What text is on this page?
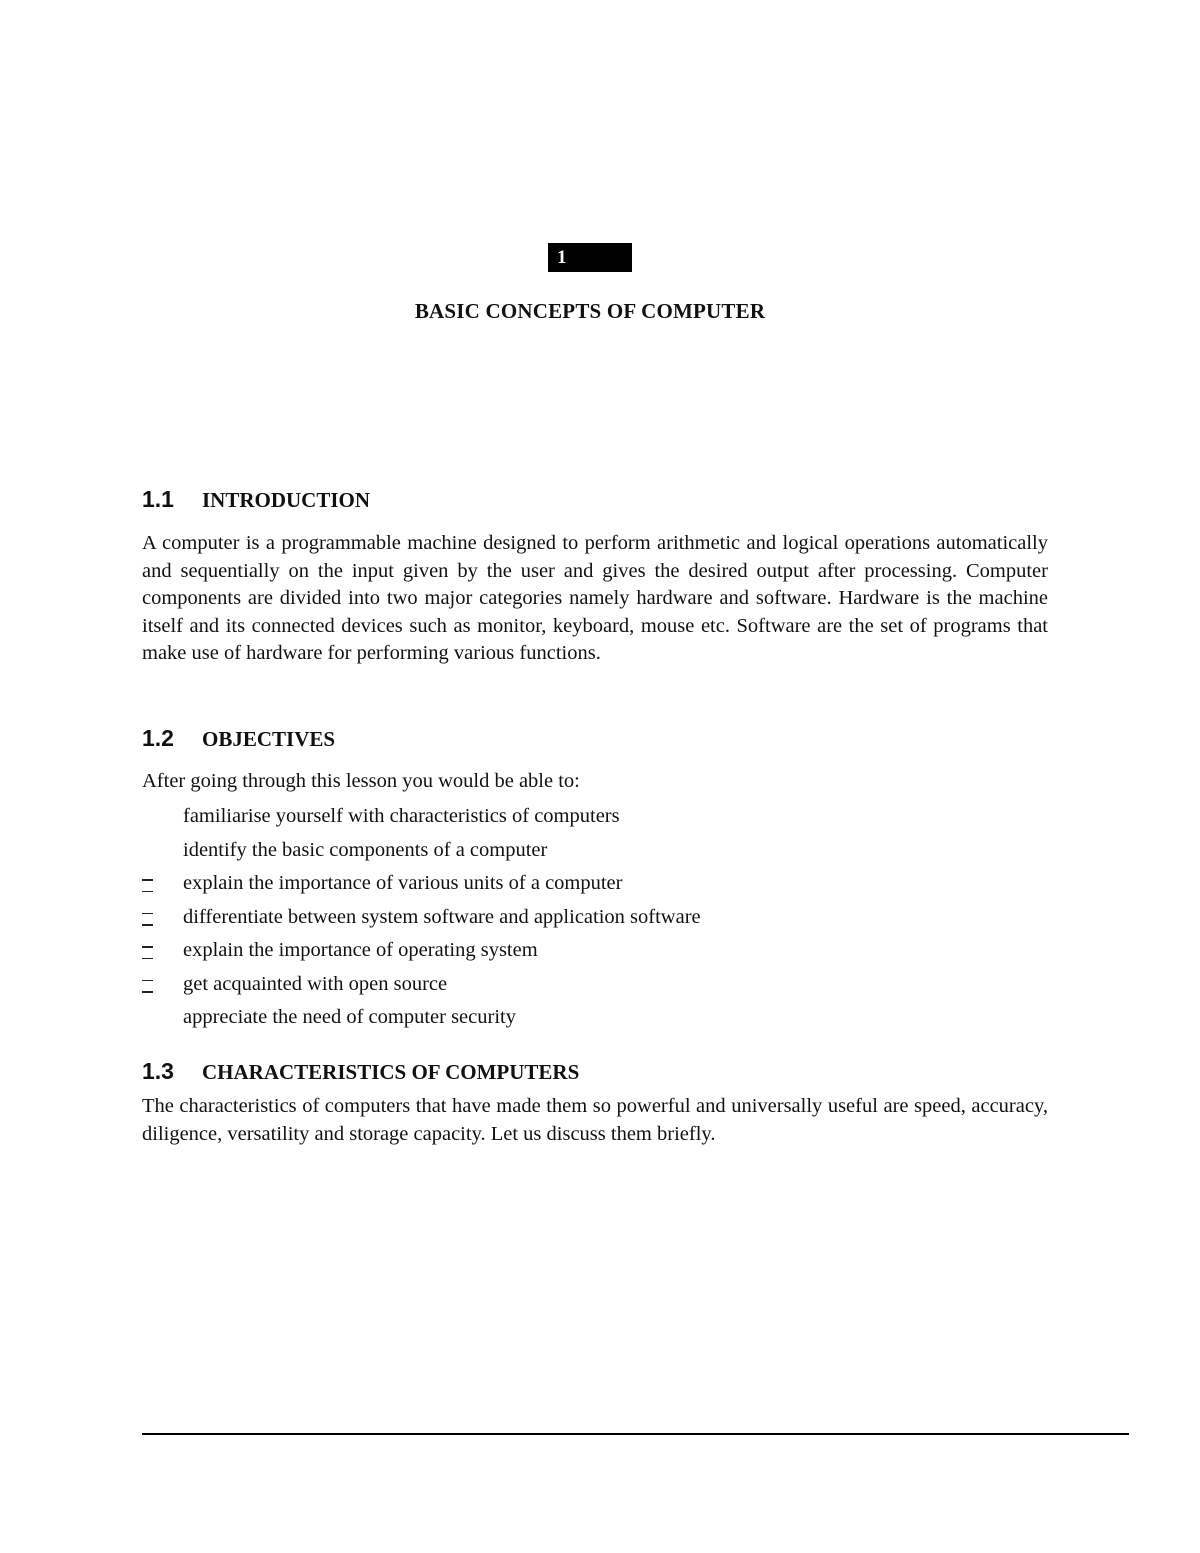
1
BASIC CONCEPTS OF COMPUTER
1.1 INTRODUCTION

A computer is a programmable machine designed to perform arithmetic and logical operations automatically and sequentially on the input given by the user and gives the desired output after processing. Computer components are divided into two major categories namely hardware and software. Hardware is the machine itself and its connected devices such as monitor, keyboard, mouse etc. Software are the set of programs that make use of hardware for performing various functions.

1.2 OBJECTIVES
After going through this lesson you would be able to:
familiarise yourself with characteristics of computers
identify the basic components of a computer
explain the importance of various units of a computer
differentiate between system software and application software
explain the importance of operating system
get acquainted with open source
appreciate the need of computer security
1.3 CHARACTERISTICS OF COMPUTERS

The characteristics of computers that have made them so powerful and universally useful are speed, accuracy, diligence, versatility and storage capacity. Let us discuss them briefly.
